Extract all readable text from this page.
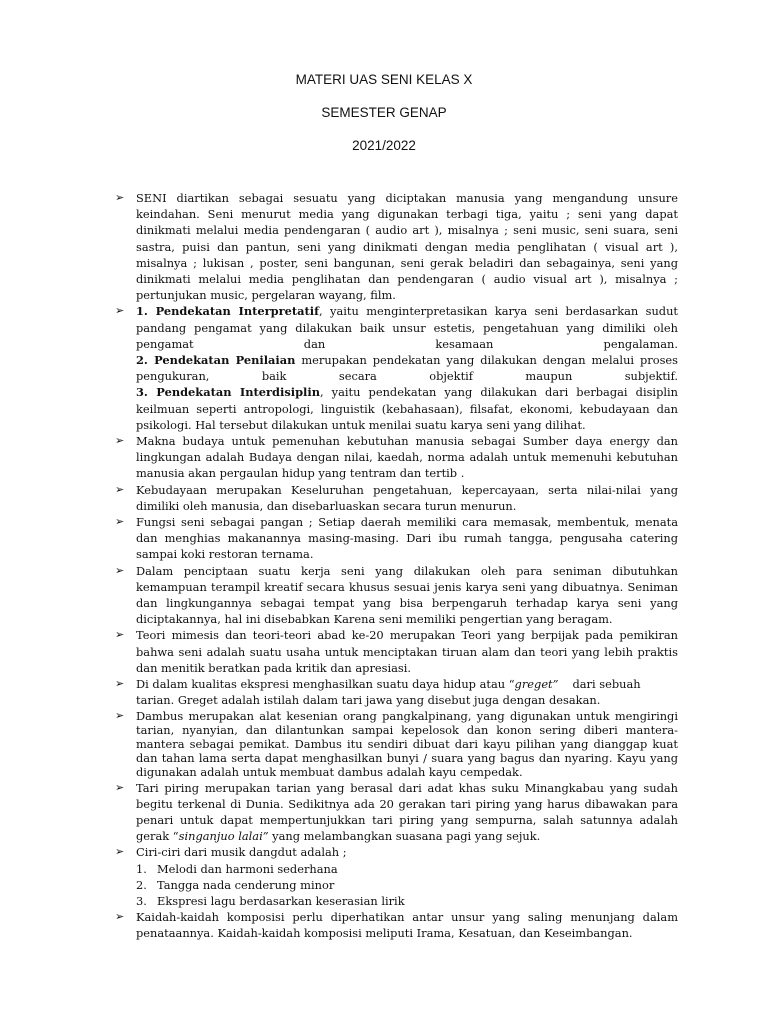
MATERI UAS SENI KELAS X
SEMESTER GENAP
2021/2022
➢	SENI diartikan sebagai sesuatu yang diciptakan manusia yang mengandung unsure keindahan. Seni menurut media yang digunakan terbagi tiga, yaitu ; seni yang dapat dinikmati melalui media pendengaran ( audio art ), misalnya ; seni music, seni suara, seni sastra, puisi dan pantun, seni yang dinikmati dengan media penglihatan ( visual art ), misalnya ; lukisan , poster, seni bangunan, seni gerak beladiri dan sebagainya, seni yang dinikmati melalui media penglihatan dan pendengaran ( audio visual art ), misalnya ; pertunjukan music, pergelaran wayang, film.

➢	1. Pendekatan Interpretatif, yaitu menginterpretasikan karya seni berdasarkan sudut pandang pengamat yang dilakukan baik unsur estetis, pengetahuan yang dimiliki oleh pengamat dan kesamaan pengalaman.

2. Pendekatan Penilaian merupakan pendekatan yang dilakukan dengan melalui proses pengukuran, baik secara objektif maupun subjektif.

3. Pendekatan Interdisiplin, yaitu pendekatan yang dilakukan dari berbagai disiplin keilmuan seperti antropologi, linguistik (kebahasaan), filsafat, ekonomi, kebudayaan dan psikologi. Hal tersebut dilakukan untuk menilai suatu karya seni yang dilihat.

➢	Makna budaya untuk pemenuhan kebutuhan manusia sebagai Sumber daya energy dan lingkungan adalah Budaya dengan nilai, kaedah, norma adalah untuk memenuhi kebutuhan manusia akan pergaulan hidup yang tentram dan tertib .

➢	Kebudayaan merupakan Keseluruhan pengetahuan, kepercayaan, serta nilai-nilai yang dimiliki oleh manusia, dan disebarluaskan secara turun menurun.

➢	Fungsi seni sebagai pangan ; Setiap daerah memiliki cara memasak, membentuk, menata dan menghias makanannya masing-masing. Dari ibu rumah tangga, pengusaha catering sampai koki restoran ternama.

➢	Dalam penciptaan suatu kerja seni yang dilakukan oleh para seniman dibutuhkan kemampuan terampil kreatif secara khusus sesuai jenis karya seni yang dibuatnya. Seniman dan lingkungannya sebagai tempat yang bisa berpengaruh terhadap karya seni yang diciptakannya, hal ini disebabkan Karena seni memiliki pengertian yang beragam.

➢	Teori mimesis dan teori-teori abad ke-20 merupakan Teori yang berpijak pada pemikiran bahwa seni adalah suatu usaha untuk menciptakan tiruan alam dan teori yang lebih praktis dan menitik beratkan pada kritik dan apresiasi.

➢	Di dalam kualitas ekspresi menghasilkan suatu daya hidup atau “greget” dari sebuah

tarian. Greget adalah istilah dalam tari jawa yang disebut juga dengan desakan.

➢	Dambus merupakan alat kesenian orang pangkalpinang, yang digunakan untuk mengiringi tarian, nyanyian, dan dilantunkan sampai kepelosok dan konon sering diberi mantera-mantera sebagai pemikat. Dambus itu sendiri dibuat dari kayu pilihan yang dianggap kuat dan tahan lama serta dapat menghasilkan bunyi / suara yang bagus dan nyaring. Kayu yang digunakan adalah untuk membuat dambus adalah kayu cempedak.

➢	Tari piring merupakan tarian yang berasal dari adat khas suku Minangkabau yang sudah begitu terkenal di Dunia. Sedikitnya ada 20 gerakan tari piring yang harus dibawakan para penari untuk dapat mempertunjukkan tari piring yang sempurna, salah satunnya adalah gerak “singanjuo lalai” yang melambangkan suasana pagi yang sejuk.

➢	Ciri-ciri dari musik dangdut adalah ;

1. Melodi dan harmoni sederhana
2. Tangga nada cenderung minor
3. Ekspresi lagu berdasarkan keserasian lirik
➢	Kaidah-kaidah komposisi perlu diperhatikan antar unsur yang saling menunjang dalam penataannya. Kaidah-kaidah komposisi meliputi Irama, Kesatuan, dan Keseimbangan.
